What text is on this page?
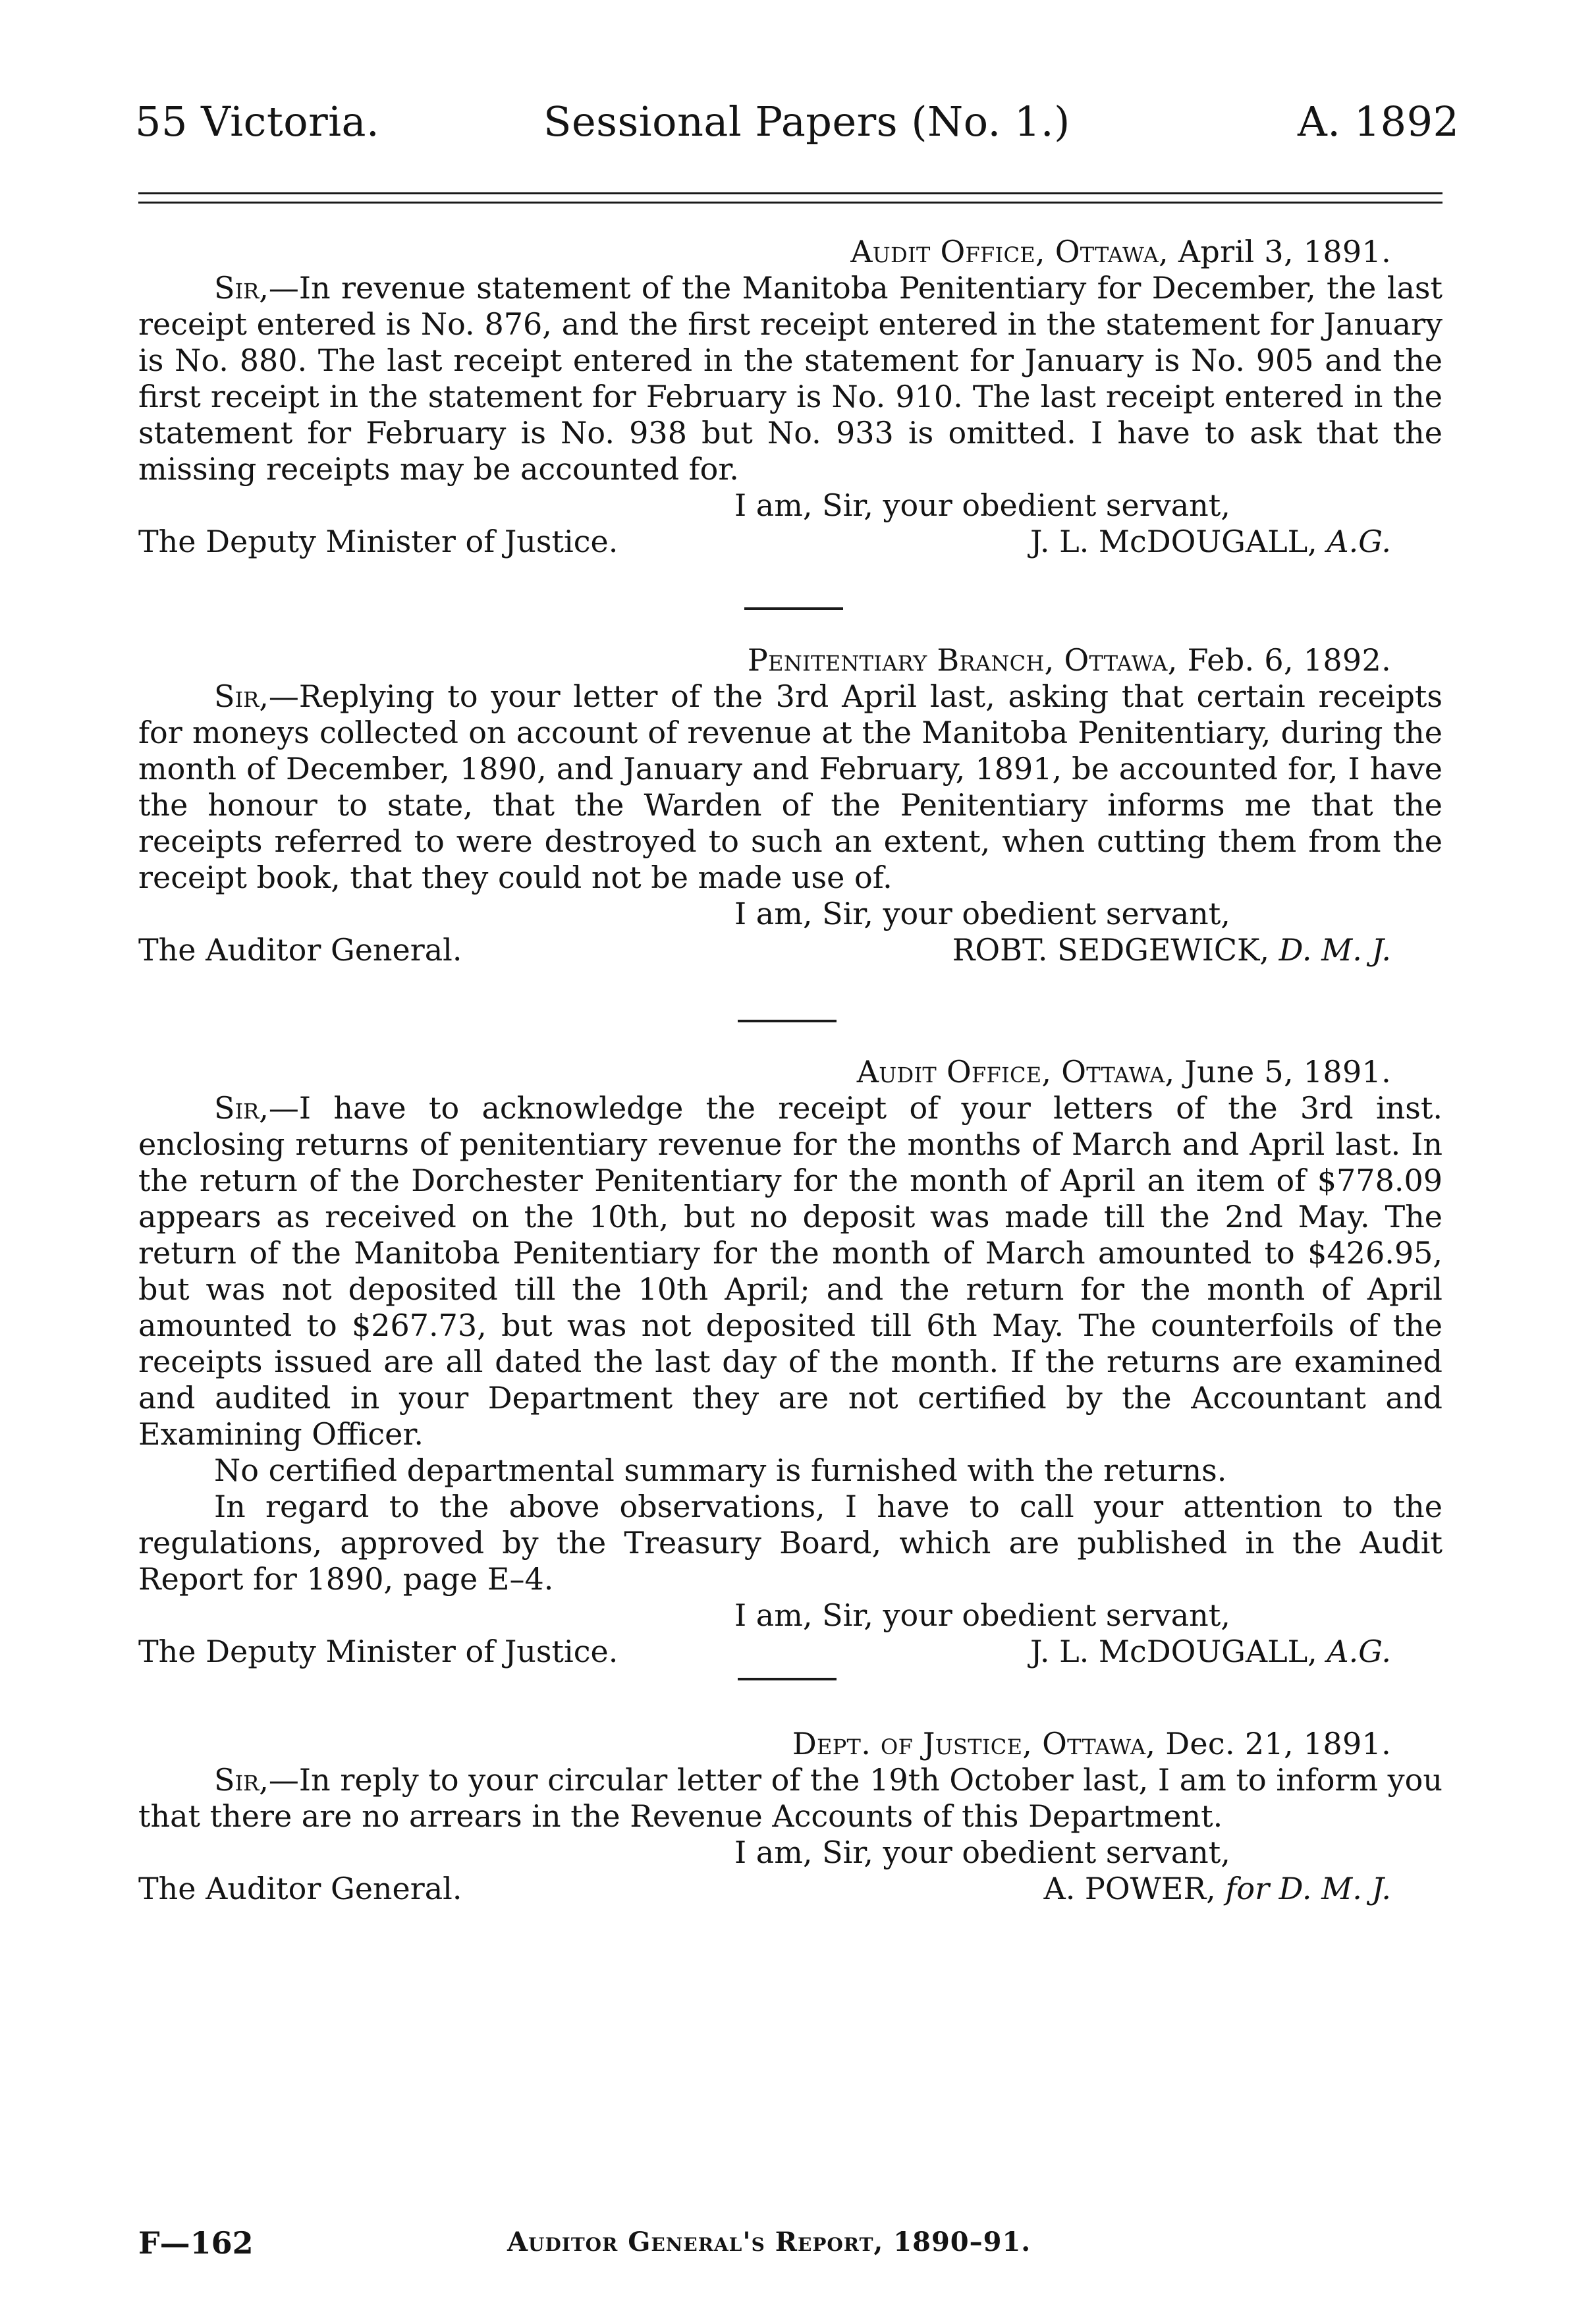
55 Victoria.	Sessional Papers (No. 1.)	A. 1892
Audit Office, Ottawa, April 3, 1891.

Sir,—In revenue statement of the Manitoba Penitentiary for December, the last receipt entered is No. 876, and the first receipt entered in the statement for January is No. 880. The last receipt entered in the statement for January is No. 905 and the first receipt in the statement for February is No. 910. The last receipt entered in the statement for February is No. 938 but No. 933 is omitted. I have to ask that the missing receipts may be accounted for.

I am, Sir, your obedient servant,
The Deputy Minister of Justice.	J. L. McDOUGALL, A.G.
Penitentiary Branch, Ottawa, Feb. 6, 1892.

Sir,—Replying to your letter of the 3rd April last, asking that certain receipts for moneys collected on account of revenue at the Manitoba Penitentiary, during the month of December, 1890, and January and February, 1891, be accounted for, I have the honour to state, that the Warden of the Penitentiary informs me that the receipts referred to were destroyed to such an extent, when cutting them from the receipt book, that they could not be made use of.

I am, Sir, your obedient servant,
The Auditor General.	ROBT. SEDGEWICK, D. M. J.
Audit Office, Ottawa, June 5, 1891.

Sir,—I have to acknowledge the receipt of your letters of the 3rd inst. enclosing returns of penitentiary revenue for the months of March and April last. In the return of the Dorchester Penitentiary for the month of April an item of $778.09 appears as received on the 10th, but no deposit was made till the 2nd May. The return of the Manitoba Penitentiary for the month of March amounted to $426.95, but was not deposited till the 10th April; and the return for the month of April amounted to $267.73, but was not deposited till 6th May. The counterfoils of the receipts issued are all dated the last day of the month. If the returns are examined and audited in your Department they are not certified by the Accountant and Examining Officer.

No certified departmental summary is furnished with the returns.

In regard to the above observations, I have to call your attention to the regulations, approved by the Treasury Board, which are published in the Audit Report for 1890, page E–4.

I am, Sir, your obedient servant,
The Deputy Minister of Justice.	J. L. McDOUGALL, A.G.
Dept. of Justice, Ottawa, Dec. 21, 1891.

Sir,—In reply to your circular letter of the 19th October last, I am to inform you that there are no arrears in the Revenue Accounts of this Department.

I am, Sir, your obedient servant,
The Auditor General.	A. POWER, for D. M. J.
F—162	Auditor General's Report, 1890–91.
